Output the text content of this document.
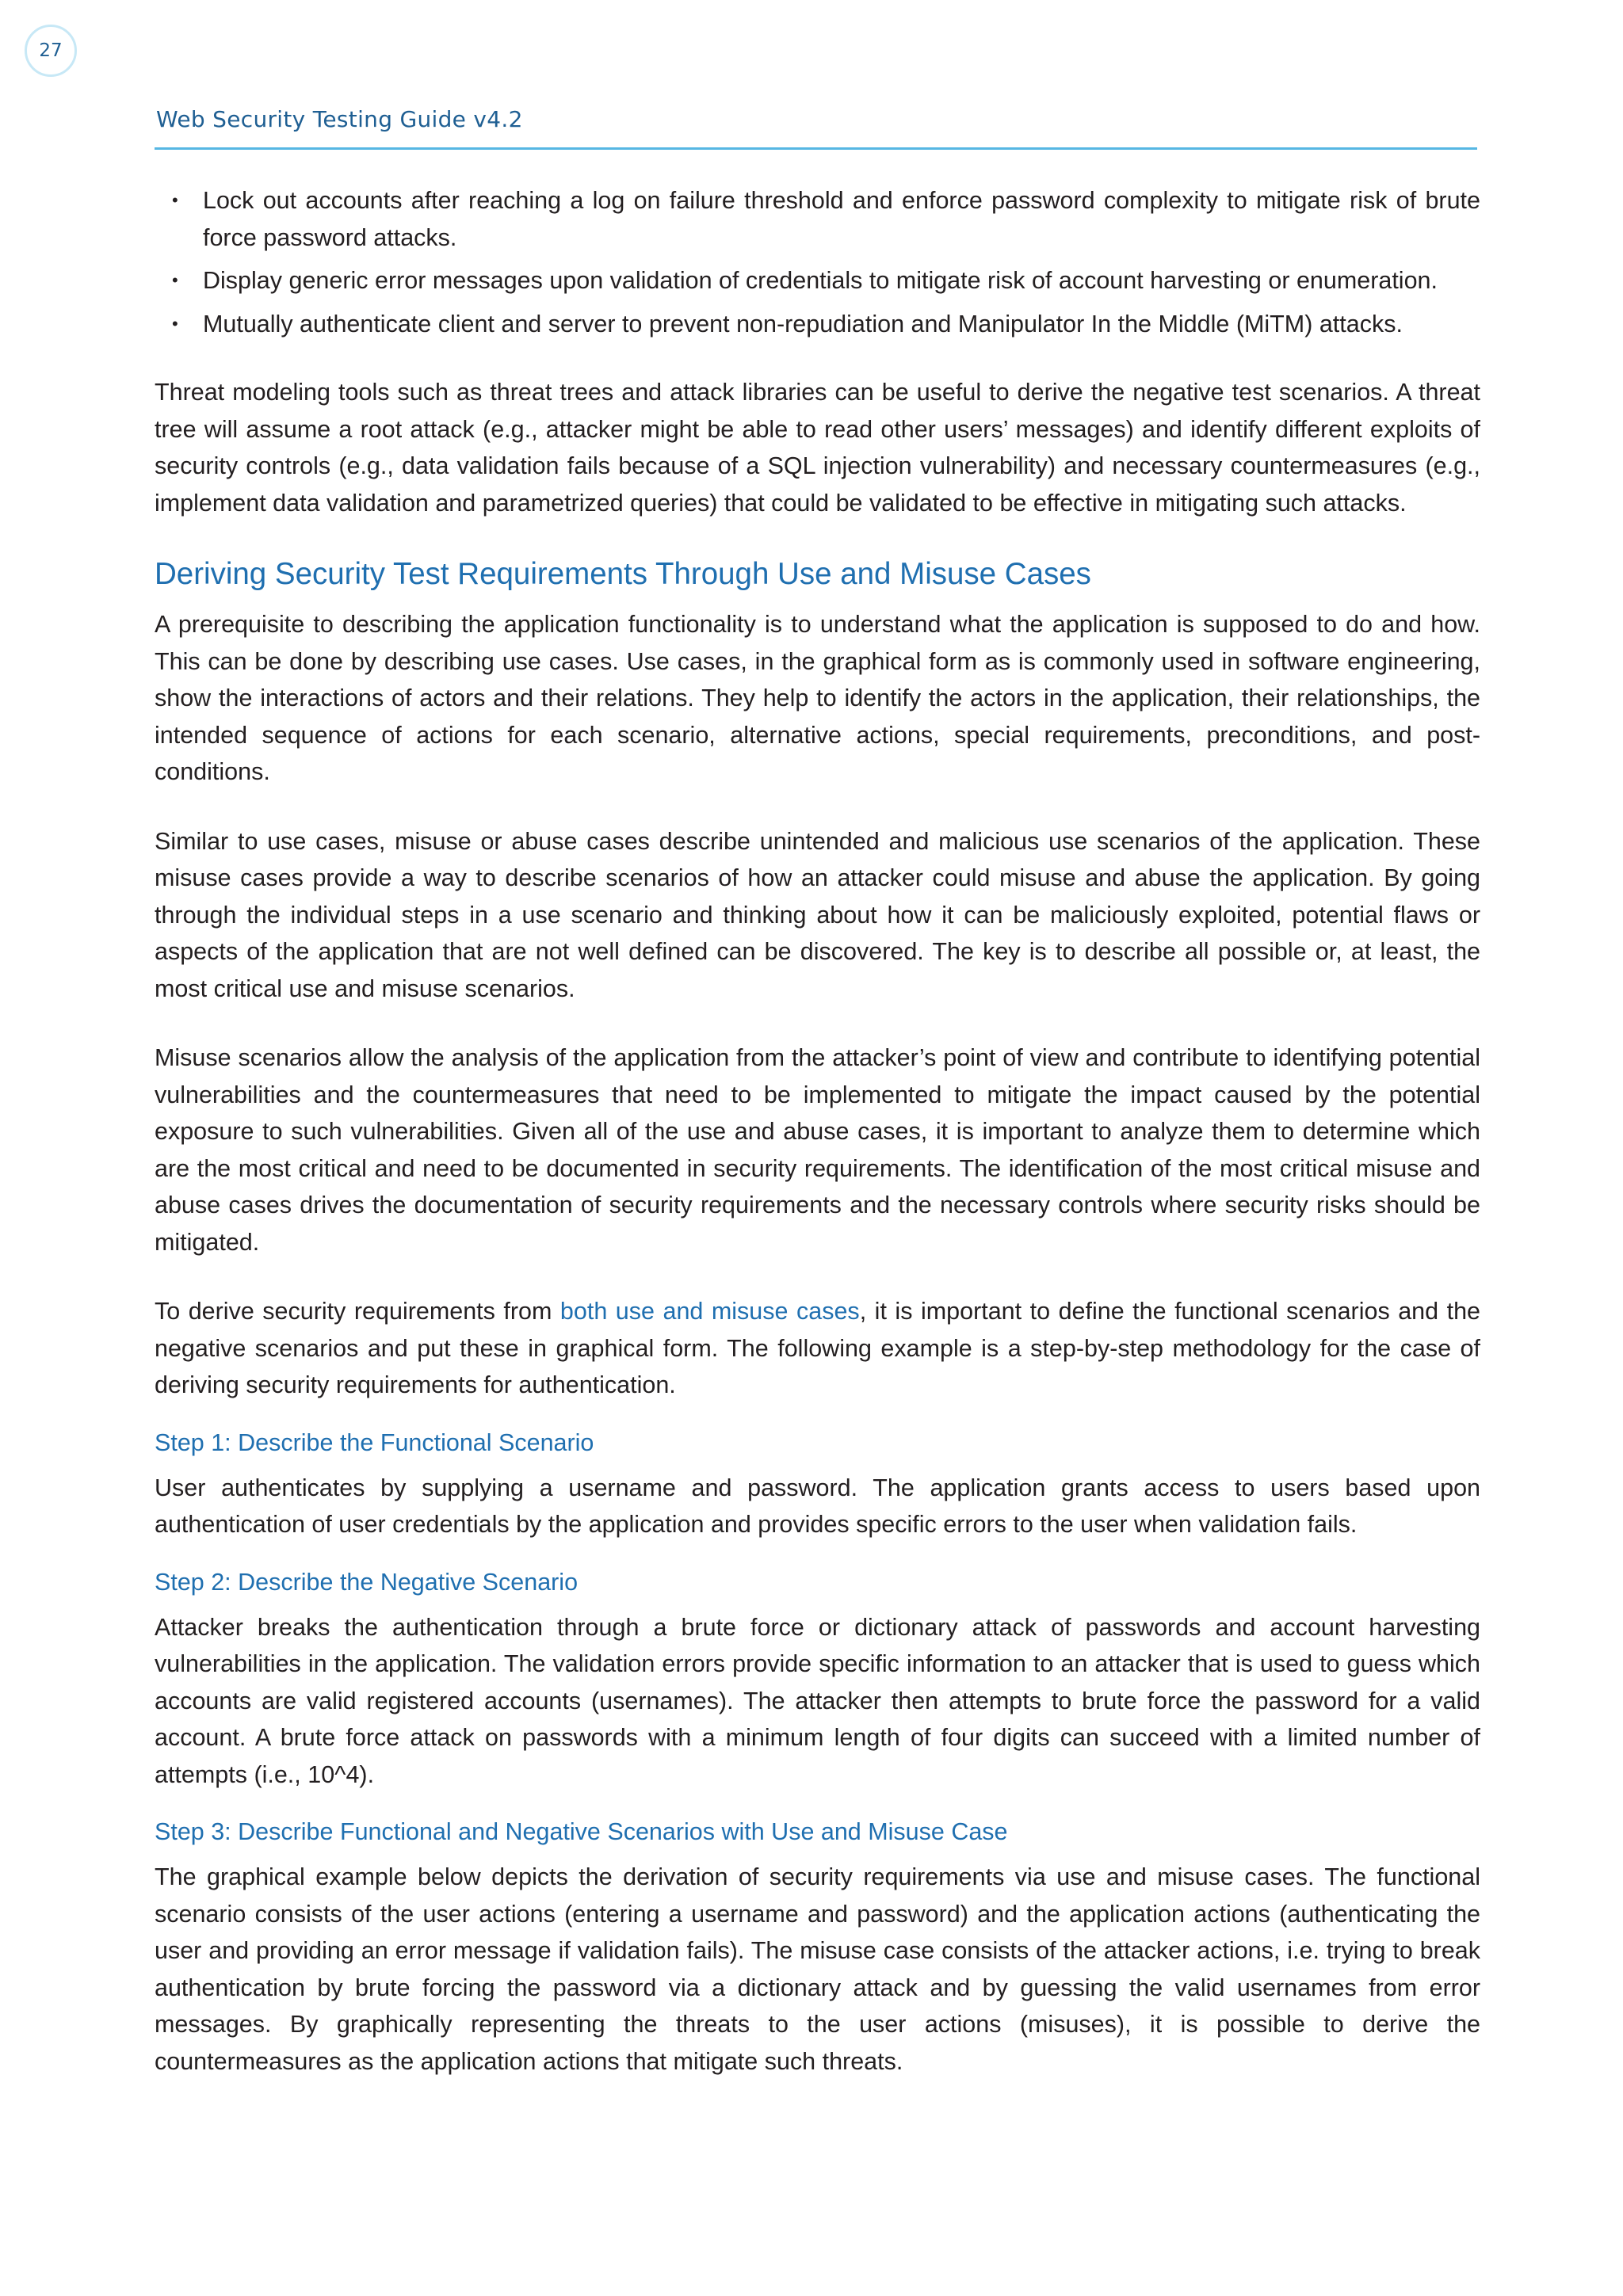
27
Web Security Testing Guide v4.2
• Lock out accounts after reaching a log on failure threshold and enforce password complexity to mitigate risk of brute force password attacks.
• Display generic error messages upon validation of credentials to mitigate risk of account harvesting or enumeration.
• Mutually authenticate client and server to prevent non-repudiation and Manipulator In the Middle (MiTM) attacks.

Threat modeling tools such as threat trees and attack libraries can be useful to derive the negative test scenarios. A threat tree will assume a root attack (e.g., attacker might be able to read other users’ messages) and identify different exploits of security controls (e.g., data validation fails because of a SQL injection vulnerability) and necessary countermeasures (e.g., implement data validation and parametrized queries) that could be validated to be effective in mitigating such attacks.

Deriving Security Test Requirements Through Use and Misuse Cases

A prerequisite to describing the application functionality is to understand what the application is supposed to do and how. This can be done by describing use cases. Use cases, in the graphical form as is commonly used in software engineering, show the interactions of actors and their relations. They help to identify the actors in the application, their relationships, the intended sequence of actions for each scenario, alternative actions, special requirements, preconditions, and post-conditions.

Similar to use cases, misuse or abuse cases describe unintended and malicious use scenarios of the application. These misuse cases provide a way to describe scenarios of how an attacker could misuse and abuse the application. By going through the individual steps in a use scenario and thinking about how it can be maliciously exploited, potential flaws or aspects of the application that are not well defined can be discovered. The key is to describe all possible or, at least, the most critical use and misuse scenarios.

Misuse scenarios allow the analysis of the application from the attacker’s point of view and contribute to identifying potential vulnerabilities and the countermeasures that need to be implemented to mitigate the impact caused by the potential exposure to such vulnerabilities. Given all of the use and abuse cases, it is important to analyze them to determine which are the most critical and need to be documented in security requirements. The identification of the most critical misuse and abuse cases drives the documentation of security requirements and the necessary controls where security risks should be mitigated.

To derive security requirements from both use and misuse cases, it is important to define the functional scenarios and the negative scenarios and put these in graphical form. The following example is a step-by-step methodology for the case of deriving security requirements for authentication.

Step 1: Describe the Functional Scenario

User authenticates by supplying a username and password. The application grants access to users based upon authentication of user credentials by the application and provides specific errors to the user when validation fails.

Step 2: Describe the Negative Scenario

Attacker breaks the authentication through a brute force or dictionary attack of passwords and account harvesting vulnerabilities in the application. The validation errors provide specific information to an attacker that is used to guess which accounts are valid registered accounts (usernames). The attacker then attempts to brute force the password for a valid account. A brute force attack on passwords with a minimum length of four digits can succeed with a limited number of attempts (i.e., 10^4).

Step 3: Describe Functional and Negative Scenarios with Use and Misuse Case

The graphical example below depicts the derivation of security requirements via use and misuse cases. The functional scenario consists of the user actions (entering a username and password) and the application actions (authenticating the user and providing an error message if validation fails). The misuse case consists of the attacker actions, i.e. trying to break authentication by brute forcing the password via a dictionary attack and by guessing the valid usernames from error messages. By graphically representing the threats to the user actions (misuses), it is possible to derive the countermeasures as the application actions that mitigate such threats.
